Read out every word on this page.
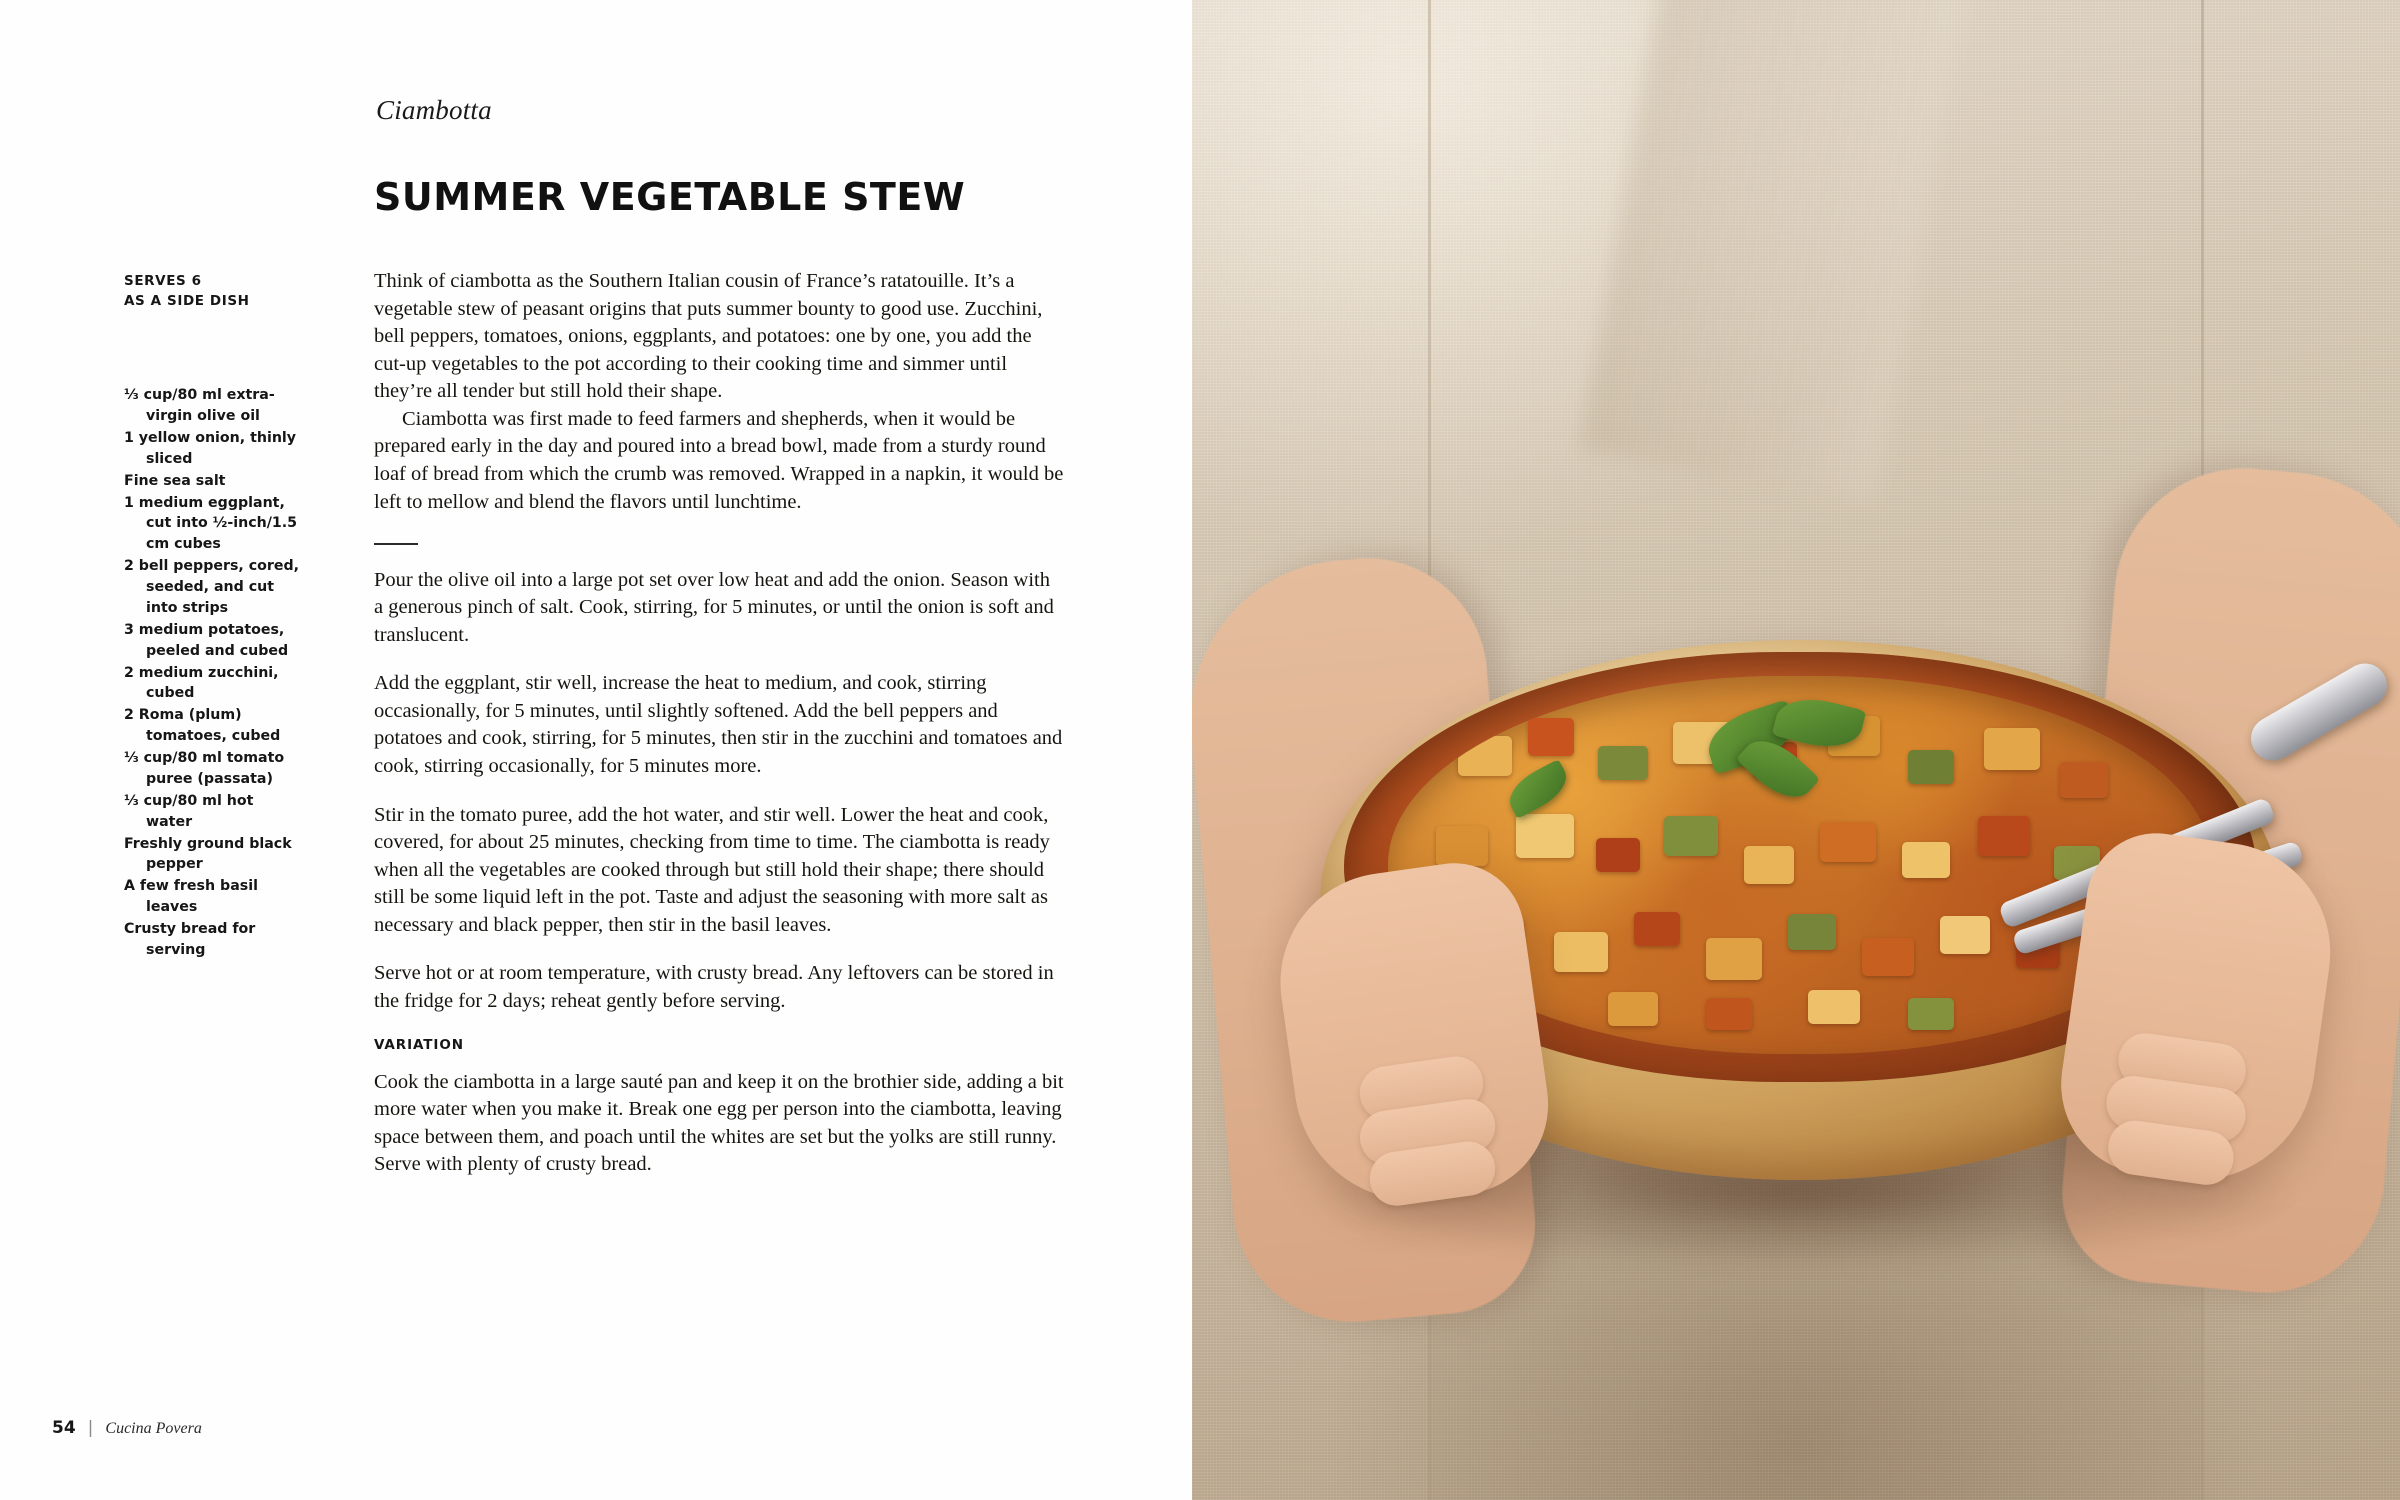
Ciambotta
SUMMER VEGETABLE STEW
SERVES 6
AS A SIDE DISH
⅓ cup/80 ml extra-virgin olive oil
1 yellow onion, thinly sliced
Fine sea salt
1 medium eggplant, cut into ½-inch/1.5 cm cubes
2 bell peppers, cored, seeded, and cut into strips
3 medium potatoes, peeled and cubed
2 medium zucchini, cubed
2 Roma (plum) tomatoes, cubed
⅓ cup/80 ml tomato puree (passata)
⅓ cup/80 ml hot water
Freshly ground black pepper
A few fresh basil leaves
Crusty bread for serving

Think of ciambotta as the Southern Italian cousin of France’s ratatouille. It’s a vegetable stew of peasant origins that puts summer bounty to good use. Zucchini, bell peppers, tomatoes, onions, eggplants, and potatoes: one by one, you add the cut-up vegetables to the pot according to their cooking time and simmer until they’re all tender but still hold their shape.

Ciambotta was first made to feed farmers and shepherds, when it would be prepared early in the day and poured into a bread bowl, made from a sturdy round loaf of bread from which the crumb was removed. Wrapped in a napkin, it would be left to mellow and blend the flavors until lunchtime.

Pour the olive oil into a large pot set over low heat and add the onion. Season with a generous pinch of salt. Cook, stirring, for 5 minutes, or until the onion is soft and translucent.

Add the eggplant, stir well, increase the heat to medium, and cook, stirring occasionally, for 5 minutes, until slightly softened. Add the bell peppers and potatoes and cook, stirring, for 5 minutes, then stir in the zucchini and tomatoes and cook, stirring occasionally, for 5 minutes more.

Stir in the tomato puree, add the hot water, and stir well. Lower the heat and cook, covered, for about 25 minutes, checking from time to time. The ciambotta is ready when all the vegetables are cooked through but still hold their shape; there should still be some liquid left in the pot. Taste and adjust the seasoning with more salt as necessary and black pepper, then stir in the basil leaves.

Serve hot or at room temperature, with crusty bread. Any leftovers can be stored in the fridge for 2 days; reheat gently before serving.

VARIATION

Cook the ciambotta in a large sauté pan and keep it on the brothier side, adding a bit more water when you make it. Break one egg per person into the ciambotta, leaving space between them, and poach until the whites are set but the yolks are still runny. Serve with plenty of crusty bread.

54 | Cucina Povera
